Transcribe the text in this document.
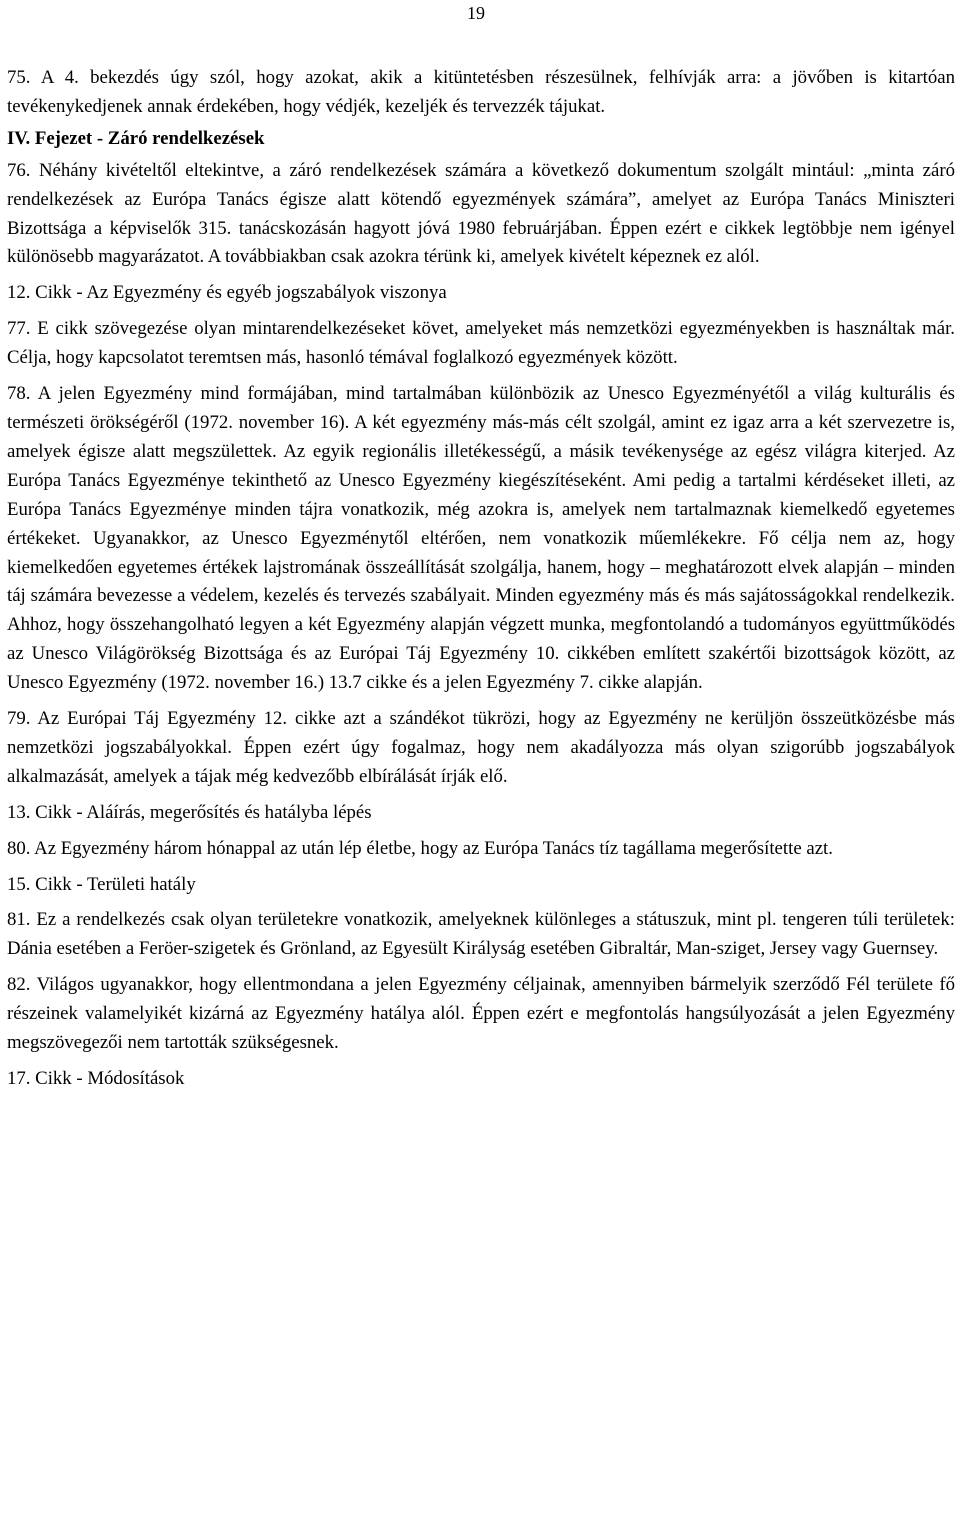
19

75. A 4. bekezdés úgy szól, hogy azokat, akik a kitüntetésben részesülnek, felhívják arra: a jövőben is kitartóan tevékenykedjenek annak érdekében, hogy védjék, kezeljék és tervezzék tájukat.

IV. Fejezet - Záró rendelkezések

76. Néhány kivételtől eltekintve, a záró rendelkezések számára a következő dokumentum szolgált mintául: „minta záró rendelkezések az Európa Tanács égisze alatt kötendő egyezmények számára”, amelyet az Európa Tanács Miniszteri Bizottsága a képviselők 315. tanácskozásán hagyott jóvá 1980 februárjában. Éppen ezért e cikkek legtöbbje nem igényel különösebb magyarázatot. A továbbiakban csak azokra térünk ki, amelyek kivételt képeznek ez alól.

12. Cikk - Az Egyezmény és egyéb jogszabályok viszonya

77. E cikk szövegezése olyan mintarendelkezéseket követ, amelyeket más nemzetközi egyezményekben is használtak már. Célja, hogy kapcsolatot teremtsen más, hasonló témával foglalkozó egyezmények között.

78. A jelen Egyezmény mind formájában, mind tartalmában különbözik az Unesco Egyezményétől a világ kulturális és természeti örökségéről (1972. november 16). A két egyezmény más-más célt szolgál, amint ez igaz arra a két szervezetre is, amelyek égisze alatt megszülettek. Az egyik regionális illetékességű, a másik tevékenysége az egész világra kiterjed. Az Európa Tanács Egyezménye tekinthető az Unesco Egyezmény kiegészítéseként. Ami pedig a tartalmi kérdéseket illeti, az Európa Tanács Egyezménye minden tájra vonatkozik, még azokra is, amelyek nem tartalmaznak kiemelkedő egyetemes értékeket. Ugyanakkor, az Unesco Egyezménytől eltérően, nem vonatkozik műemlékekre. Fő célja nem az, hogy kiemelkedően egyetemes értékek lajstromának összeállítását szolgálja, hanem, hogy – meghatározott elvek alapján – minden táj számára bevezesse a védelem, kezelés és tervezés szabályait. Minden egyezmény más és más sajátosságokkal rendelkezik. Ahhoz, hogy összehangolható legyen a két Egyezmény alapján végzett munka, megfontolandó a tudományos együttműködés az Unesco Világörökség Bizottsága és az Európai Táj Egyezmény 10. cikkében említett szakértői bizottságok között, az Unesco Egyezmény (1972. november 16.) 13.7 cikke és a jelen Egyezmény 7. cikke alapján.

79. Az Európai Táj Egyezmény 12. cikke azt a szándékot tükrözi, hogy az Egyezmény ne kerüljön összeütközésbe más nemzetközi jogszabályokkal. Éppen ezért úgy fogalmaz, hogy nem akadályozza más olyan szigorúbb jogszabályok alkalmazását, amelyek a tájak még kedvezőbb elbírálását írják elő.

13. Cikk - Aláírás, megerősítés és hatályba lépés

80. Az Egyezmény három hónappal az után lép életbe, hogy az Európa Tanács tíz tagállama megerősítette azt.

15. Cikk - Területi hatály

81. Ez a rendelkezés csak olyan területekre vonatkozik, amelyeknek különleges a státuszuk, mint pl. tengeren túli területek: Dánia esetében a Feröer-szigetek és Grönland, az Egyesült Királyság esetében Gibraltár, Man-sziget, Jersey vagy Guernsey.

82. Világos ugyanakkor, hogy ellentmondana a jelen Egyezmény céljainak, amennyiben bármelyik szerződő Fél területe fő részeinek valamelyikét kizárná az Egyezmény hatálya alól. Éppen ezért e megfontolás hangsúlyozását a jelen Egyezmény megszövegezői nem tartották szükségesnek.

17. Cikk - Módosítások
